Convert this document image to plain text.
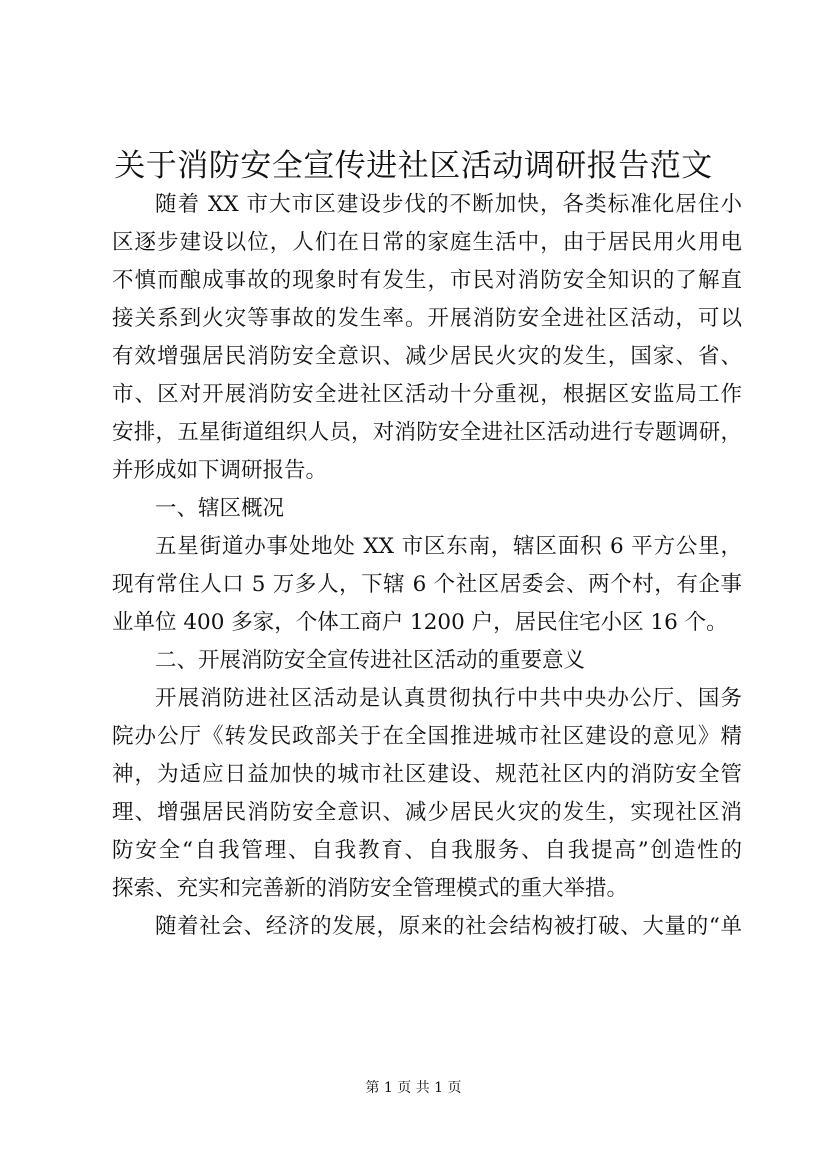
关于消防安全宣传进社区活动调研报告范文

随着 XX 市大市区建设步伐的不断加快，各类标准化居住小

区逐步建设以位，人们在日常的家庭生活中，由于居民用火用电

不慎而酿成事故的现象时有发生，市民对消防安全知识的了解直

接关系到火灾等事故的发生率。开展消防安全进社区活动，可以

有效增强居民消防安全意识、减少居民火灾的发生，国家、省、

市、区对开展消防安全进社区活动十分重视，根据区安监局工作

安排，五星街道组织人员，对消防安全进社区活动进行专题调研，

并形成如下调研报告。

一、辖区概况

五星街道办事处地处 XX 市区东南，辖区面积 6 平方公里，

现有常住人口 5 万多人，下辖 6 个社区居委会、两个村，有企事

业单位 400 多家，个体工商户 1200 户，居民住宅小区 16 个。

二、开展消防安全宣传进社区活动的重要意义

开展消防进社区活动是认真贯彻执行中共中央办公厅、国务

院办公厅《转发民政部关于在全国推进城市社区建设的意见》精

神，为适应日益加快的城市社区建设、规范社区内的消防安全管

理、增强居民消防安全意识、减少居民火灾的发生，实现社区消

防安全“自我管理、自我教育、自我服务、自我提高”创造性的

探索、充实和完善新的消防安全管理模式的重大举措。

随着社会、经济的发展，原来的社会结构被打破、大量的“单

第 1 页 共 1 页
